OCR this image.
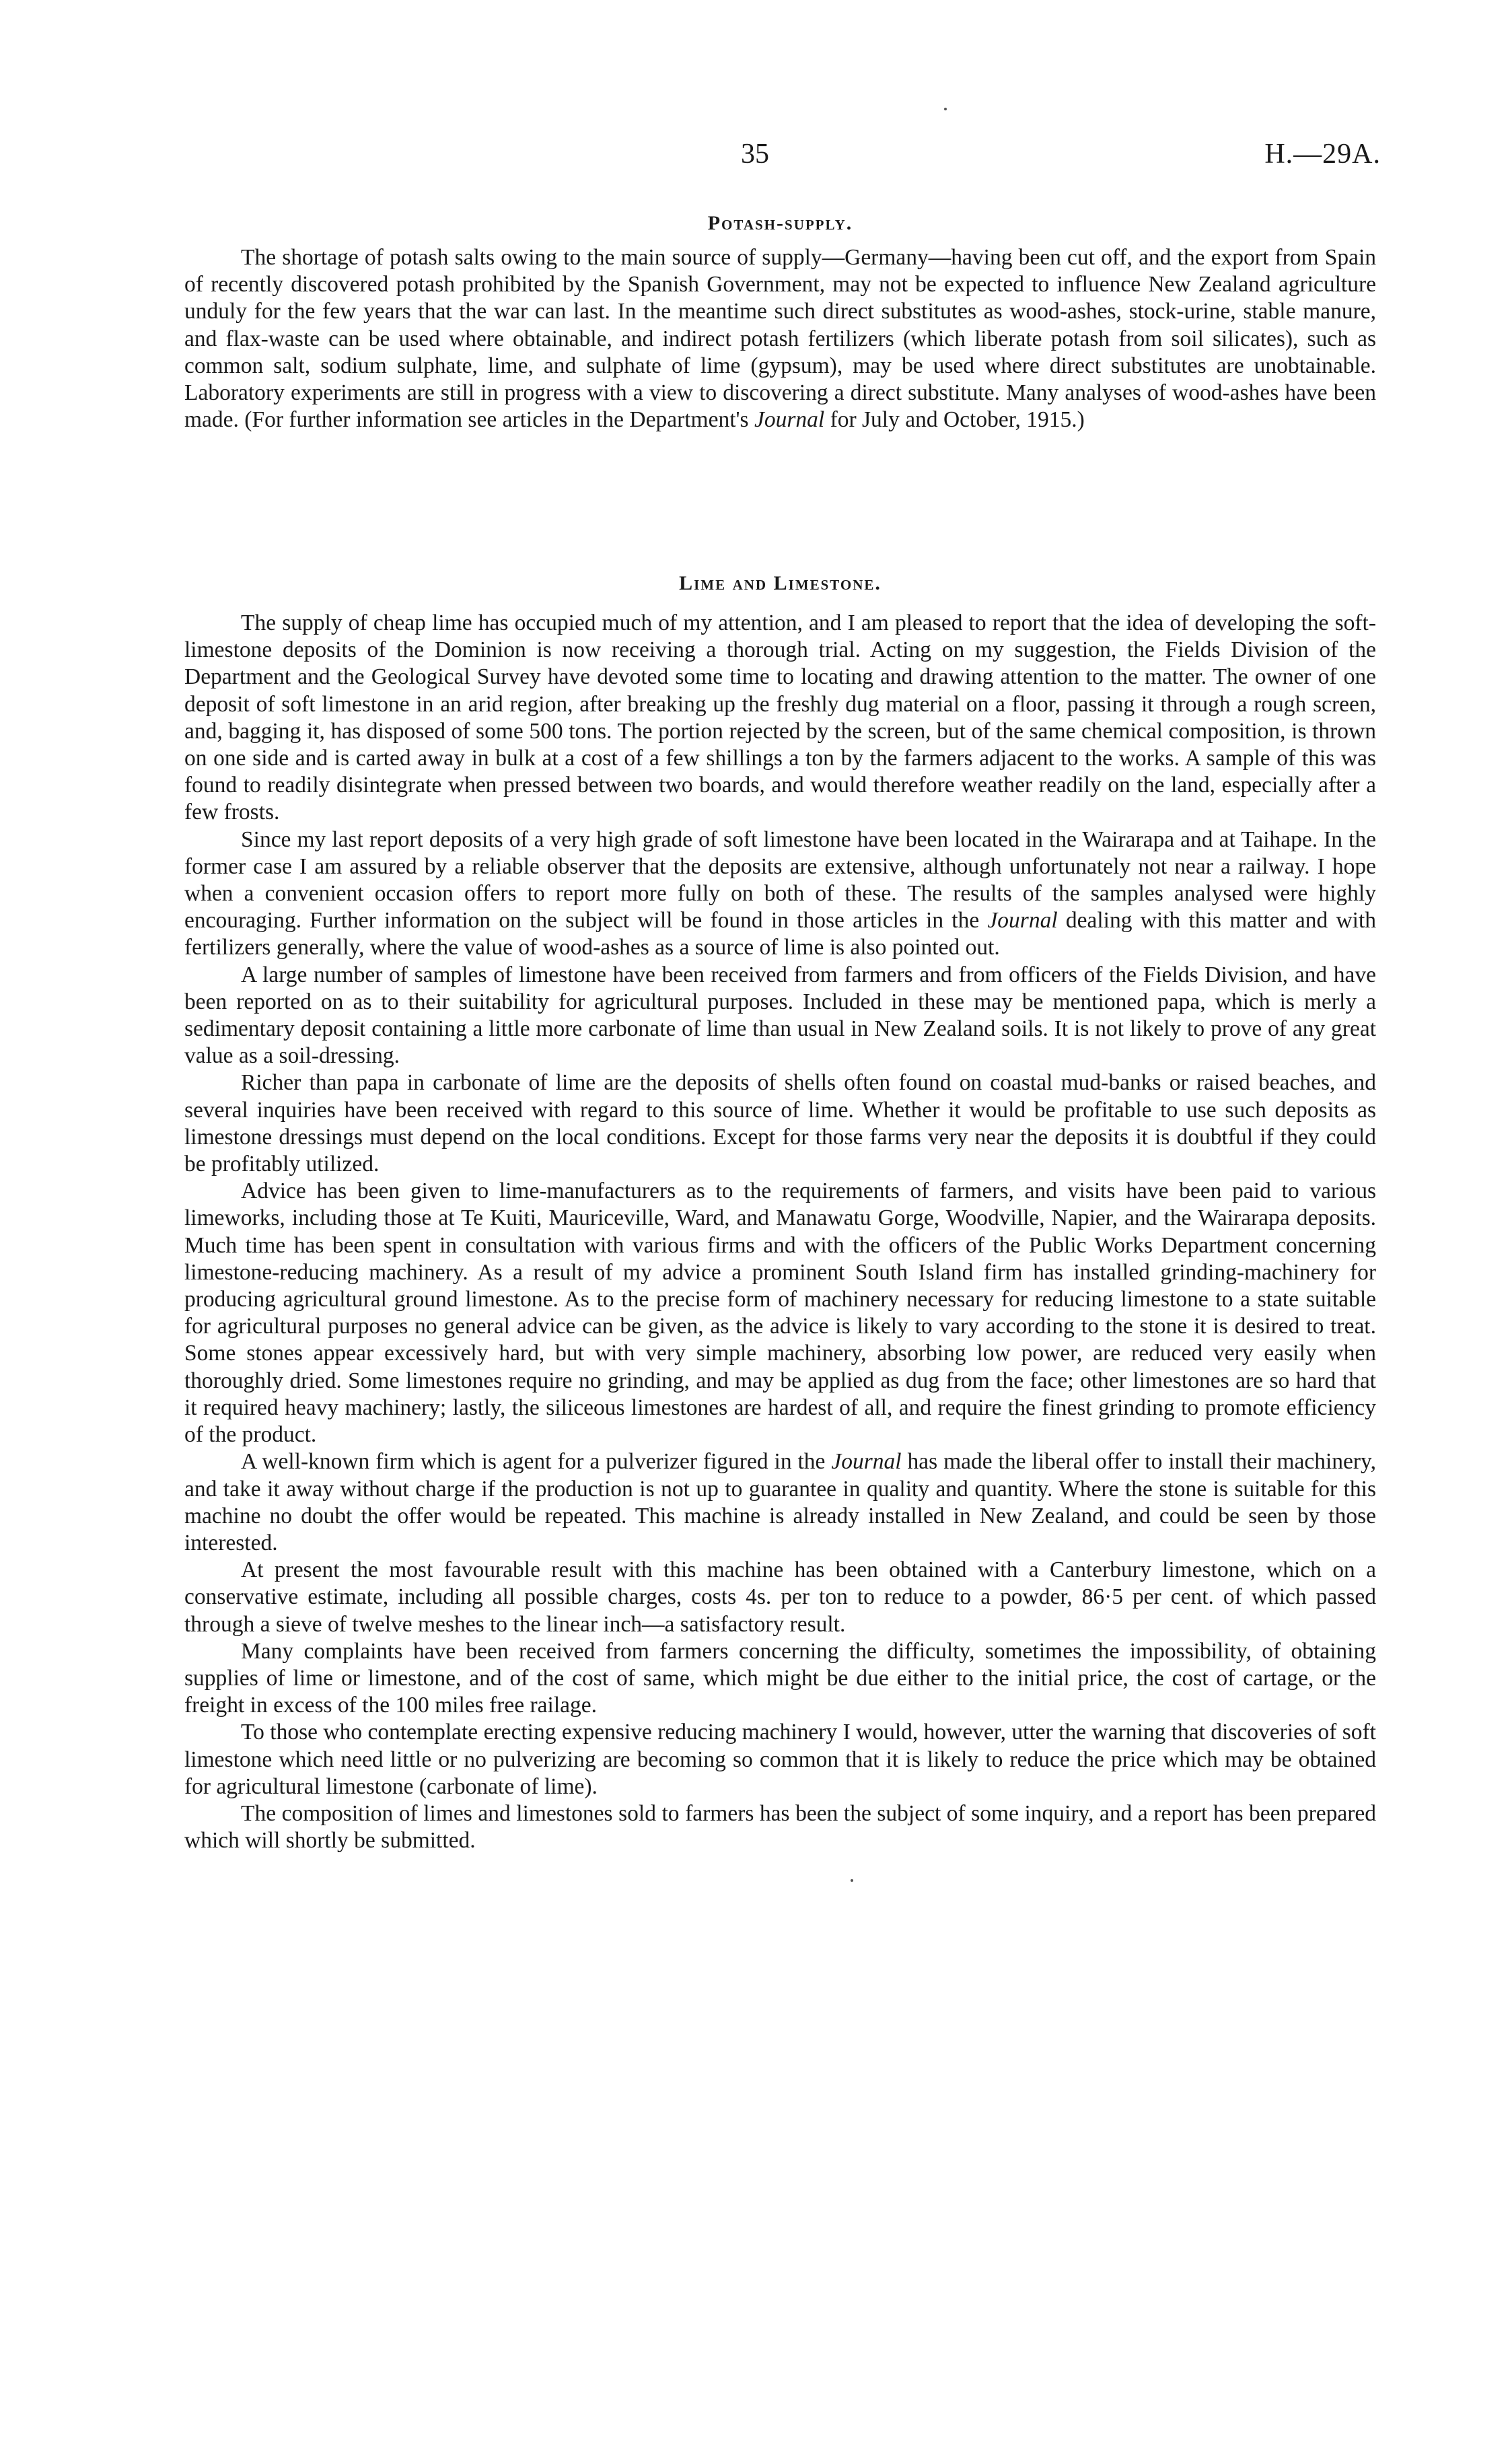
35	H.—29A.

Potash-supply.

The shortage of potash salts owing to the main source of supply—Germany—having been cut off, and the export from Spain of recently discovered potash prohibited by the Spanish Government, may not be expected to influence New Zealand agriculture unduly for the few years that the war can last. In the meantime such direct substitutes as wood-ashes, stock-urine, stable manure, and flax-waste can be used where obtainable, and indirect potash fertilizers (which liberate potash from soil silicates), such as common salt, sodium sulphate, lime, and sulphate of lime (gypsum), may be used where direct substitutes are unobtainable. Laboratory experiments are still in progress with a view to discovering a direct substitute. Many analyses of wood-ashes have been made. (For further information see articles in the Department's Journal for July and October, 1915.)

Lime and Limestone.

The supply of cheap lime has occupied much of my attention, and I am pleased to report that the idea of developing the soft-limestone deposits of the Dominion is now receiving a thorough trial. Acting on my suggestion, the Fields Division of the Department and the Geological Survey have devoted some time to locating and drawing attention to the matter. The owner of one deposit of soft limestone in an arid region, after breaking up the freshly dug material on a floor, passing it through a rough screen, and, bagging it, has disposed of some 500 tons. The portion rejected by the screen, but of the same chemical composition, is thrown on one side and is carted away in bulk at a cost of a few shillings a ton by the farmers adjacent to the works. A sample of this was found to readily disintegrate when pressed between two boards, and would therefore weather readily on the land, especially after a few frosts.

Since my last report deposits of a very high grade of soft limestone have been located in the Wairarapa and at Taihape. In the former case I am assured by a reliable observer that the deposits are extensive, although unfortunately not near a railway. I hope when a convenient occasion offers to report more fully on both of these. The results of the samples analysed were highly encouraging. Further information on the subject will be found in those articles in the Journal dealing with this matter and with fertilizers generally, where the value of wood-ashes as a source of lime is also pointed out.

A large number of samples of limestone have been received from farmers and from officers of the Fields Division, and have been reported on as to their suitability for agricultural purposes. Included in these may be mentioned papa, which is merly a sedimentary deposit containing a little more carbonate of lime than usual in New Zealand soils. It is not likely to prove of any great value as a soil-dressing.

Richer than papa in carbonate of lime are the deposits of shells often found on coastal mud-banks or raised beaches, and several inquiries have been received with regard to this source of lime. Whether it would be profitable to use such deposits as limestone dressings must depend on the local conditions. Except for those farms very near the deposits it is doubtful if they could be profitably utilized.

Advice has been given to lime-manufacturers as to the requirements of farmers, and visits have been paid to various limeworks, including those at Te Kuiti, Mauriceville, Ward, and Manawatu Gorge, Woodville, Napier, and the Wairarapa deposits. Much time has been spent in consultation with various firms and with the officers of the Public Works Department concerning limestone-reducing machinery. As a result of my advice a prominent South Island firm has installed grinding-machinery for producing agricultural ground limestone. As to the precise form of machinery necessary for reducing limestone to a state suitable for agricultural purposes no general advice can be given, as the advice is likely to vary according to the stone it is desired to treat. Some stones appear excessively hard, but with very simple machinery, absorbing low power, are reduced very easily when thoroughly dried. Some limestones require no grinding, and may be applied as dug from the face; other limestones are so hard that it required heavy machinery; lastly, the siliceous limestones are hardest of all, and require the finest grinding to promote efficiency of the product.

A well-known firm which is agent for a pulverizer figured in the Journal has made the liberal offer to install their machinery, and take it away without charge if the production is not up to guarantee in quality and quantity. Where the stone is suitable for this machine no doubt the offer would be repeated. This machine is already installed in New Zealand, and could be seen by those interested.

At present the most favourable result with this machine has been obtained with a Canterbury limestone, which on a conservative estimate, including all possible charges, costs 4s. per ton to reduce to a powder, 86·5 per cent. of which passed through a sieve of twelve meshes to the linear inch—a satisfactory result.

Many complaints have been received from farmers concerning the difficulty, sometimes the impossibility, of obtaining supplies of lime or limestone, and of the cost of same, which might be due either to the initial price, the cost of cartage, or the freight in excess of the 100 miles free railage.

To those who contemplate erecting expensive reducing machinery I would, however, utter the warning that discoveries of soft limestone which need little or no pulverizing are becoming so common that it is likely to reduce the price which may be obtained for agricultural limestone (carbonate of lime).

The composition of limes and limestones sold to farmers has been the subject of some inquiry, and a report has been prepared which will shortly be submitted.
